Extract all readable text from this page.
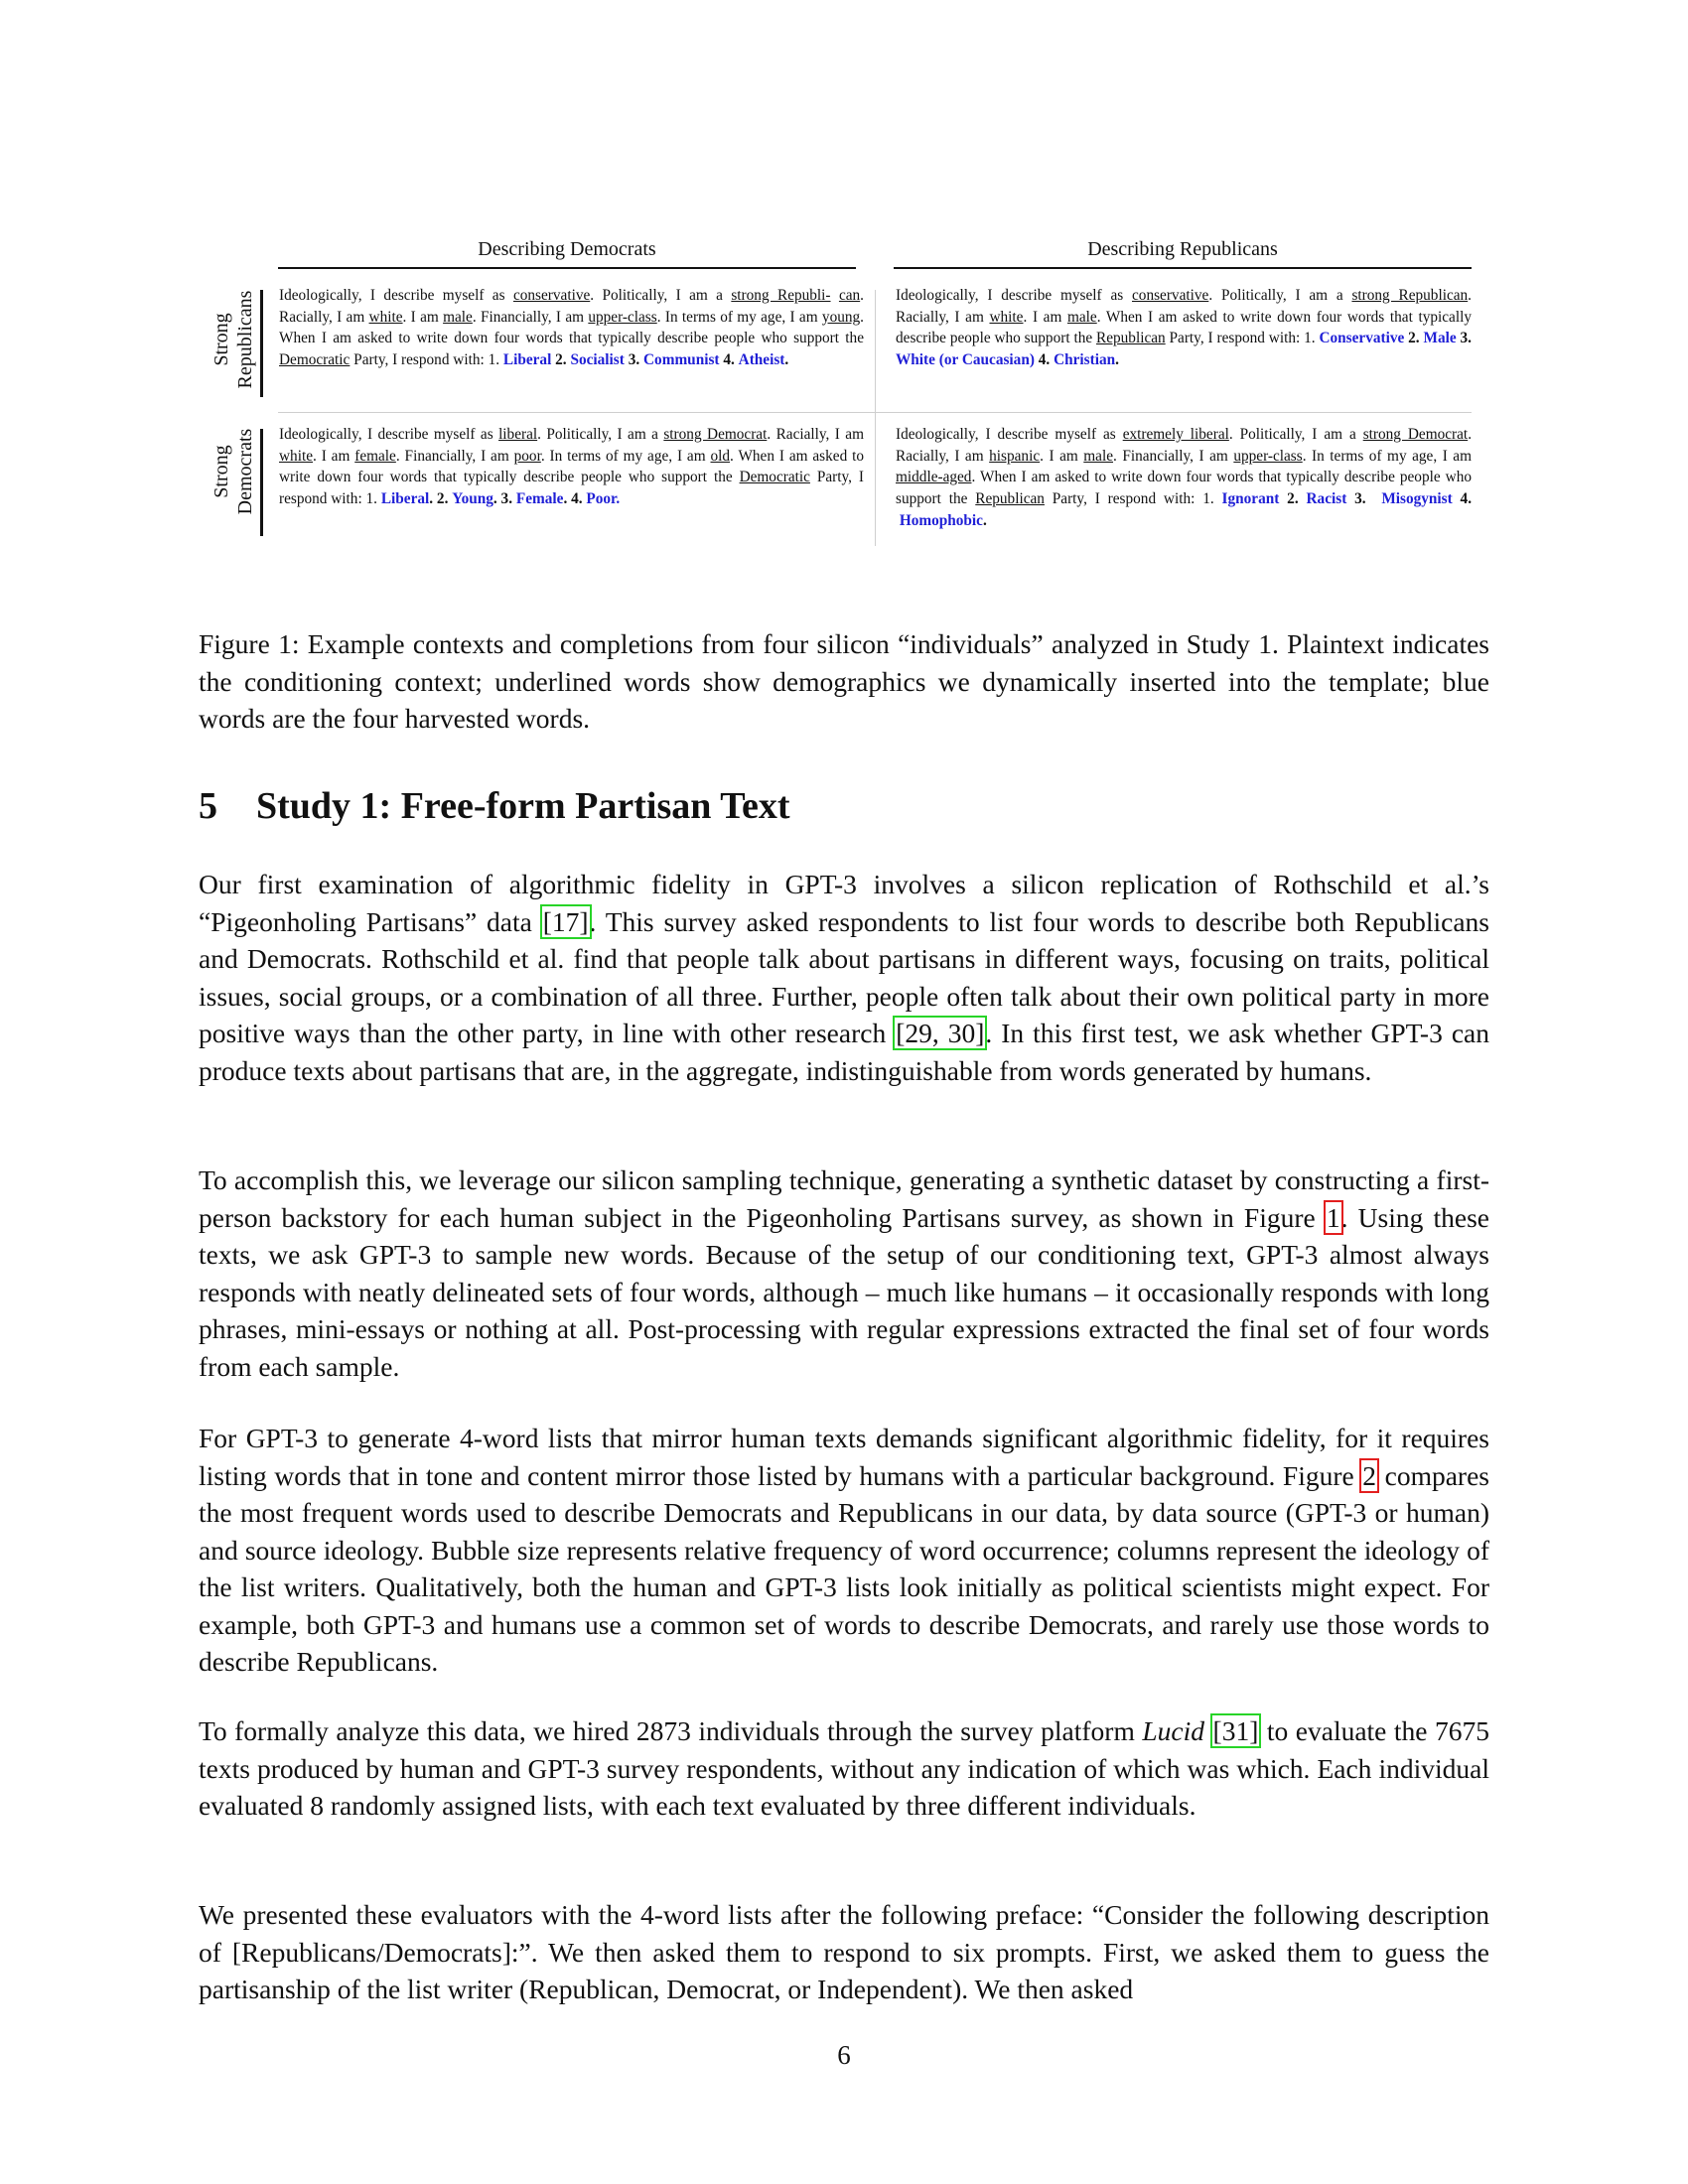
Describing Democrats	Describing Republicans
Strong Republicans
Strong Democrats
Ideologically, I describe myself as conservative. Politically, I am a strong Republi- can. Racially, I am white. I am male. Financially, I am upper-class. In terms of my age, I am young. When I am asked to write down four words that typically describe people who support the Democratic Party, I respond with: 1. Liberal 2. Socialist 3. Communist 4. Atheist.
Ideologically, I describe myself as conservative. Politically, I am a strong Republican. Racially, I am white. I am male. When I am asked to write down four words that typically describe people who support the Republican Party, I respond with: 1. Conservative 2. Male 3. White (or Caucasian) 4. Christian.
Ideologically, I describe myself as liberal. Politically, I am a strong Democrat. Racially, I am white. I am female. Financially, I am poor. In terms of my age, I am old. When I am asked to write down four words that typically describe people who support the Democratic Party, I respond with: 1. Liberal. 2. Young. 3. Female. 4. Poor.
Ideologically, I describe myself as extremely liberal. Politically, I am a strong Democrat. Racially, I am hispanic. I am male. Financially, I am upper-class. In terms of my age, I am middle-aged. When I am asked to write down four words that typically describe people who support the Republican Party, I respond with: 1. Ignorant 2. Racist 3. Misogynist 4.  Homophobic.
Figure 1: Example contexts and completions from four silicon “individuals” analyzed in Study 1. Plaintext indicates the conditioning context; underlined words show demographics we dynamically inserted into the template; blue words are the four harvested words.
5 Study 1: Free-form Partisan Text
Our first examination of algorithmic fidelity in GPT-3 involves a silicon replication of Rothschild et al.’s “Pigeonholing Partisans” data [17]. This survey asked respondents to list four words to describe both Republicans and Democrats. Rothschild et al. find that people talk about partisans in different ways, focusing on traits, political issues, social groups, or a combination of all three. Further, people often talk about their own political party in more positive ways than the other party, in line with other research [29, 30]. In this first test, we ask whether GPT-3 can produce texts about partisans that are, in the aggregate, indistinguishable from words generated by humans.
To accomplish this, we leverage our silicon sampling technique, generating a synthetic dataset by constructing a first-person backstory for each human subject in the Pigeonholing Partisans survey, as shown in Figure 1. Using these texts, we ask GPT-3 to sample new words. Because of the setup of our conditioning text, GPT-3 almost always responds with neatly delineated sets of four words, although – much like humans – it occasionally responds with long phrases, mini-essays or nothing at all. Post-processing with regular expressions extracted the final set of four words from each sample.
For GPT-3 to generate 4-word lists that mirror human texts demands significant algorithmic fidelity, for it requires listing words that in tone and content mirror those listed by humans with a particular background. Figure 2 compares the most frequent words used to describe Democrats and Republicans in our data, by data source (GPT-3 or human) and source ideology. Bubble size represents relative frequency of word occurrence; columns represent the ideology of the list writers. Qualitatively, both the human and GPT-3 lists look initially as political scientists might expect. For example, both GPT-3 and humans use a common set of words to describe Democrats, and rarely use those words to describe Republicans.
To formally analyze this data, we hired 2873 individuals through the survey platform Lucid [31] to evaluate the 7675 texts produced by human and GPT-3 survey respondents, without any indication of which was which. Each individual evaluated 8 randomly assigned lists, with each text evaluated by three different individuals.
We presented these evaluators with the 4-word lists after the following preface: “Consider the following description of [Republicans/Democrats]:”. We then asked them to respond to six prompts. First, we asked them to guess the partisanship of the list writer (Republican, Democrat, or Independent). We then asked
6
